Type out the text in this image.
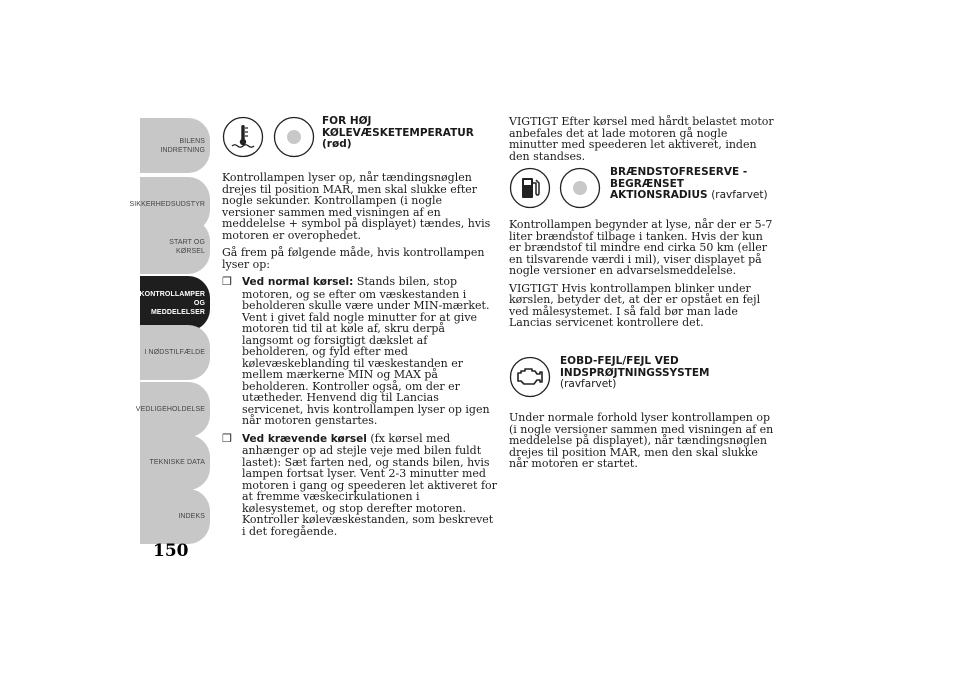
BILENS
INDRETNING
SIKKERHEDSUDSTYR
START OG KØRSEL
KONTROLLAMPER
OG MEDDELELSER
I NØDSTILFÆLDE
VEDLIGEHOLDELSE
TEKNISKE DATA
INDEKS
150
FOR HØJ
KØLEVÆSKETEMPERATUR
(rød)

Kontrollampen lyser op, når tændingsnøglen drejes til position MAR, men skal slukke efter nogle sekunder. Kontrollampen (i nogle versioner sammen med visningen af en meddelelse + symbol på displayet) tændes, hvis motoren er overophedet.

Gå frem på følgende måde, hvis kontrollampen lyser op:

❒ Ved normal kørsel: Stands bilen, stop motoren, og se efter om væskestanden i beholderen skulle være under MIN-mærket. Vent i givet fald nogle minutter for at give motoren tid til at køle af, skru derpå langsomt og forsigtigt dækslet af beholderen, og fyld efter med kølevæskeblanding til væskestanden er mellem mærkerne MIN og MAX på beholderen. Kontroller også, om der er utætheder. Henvend dig til Lancias servicenet, hvis kontrollampen lyser op igen når motoren genstartes.
❒ Ved krævende kørsel (fx kørsel med anhænger op ad stejle veje med bilen fuldt lastet): Sæt farten ned, og stands bilen, hvis lampen fortsat lyser. Vent 2-3 minutter med motoren i gang og speederen let aktiveret for at fremme væskecirkulationen i kølesystemet, og stop derefter motoren. Kontroller kølevæskestanden, som beskrevet i det foregående.

VIGTIGT Efter kørsel med hårdt belastet motor anbefales det at lade motoren gå nogle minutter med speederen let aktiveret, inden den standses.

BRÆNDSTOFRESERVE -
BEGRÆNSET
AKTIONSRADIUS (ravfarvet)

Kontrollampen begynder at lyse, når der er 5-7 liter brændstof tilbage i tanken. Hvis der kun er brændstof til mindre end cirka 50 km (eller en tilsvarende værdi i mil), viser displayet på nogle versioner en advarselsmeddelelse.

VIGTIGT Hvis kontrollampen blinker under kørslen, betyder det, at der er opstået en fejl ved målesystemet. I så fald bør man lade Lancias servicenet kontrollere det.

EOBD-FEJL/FEJL VED
INDSPRØJTNINGSSYSTEM
(ravfarvet)

Under normale forhold lyser kontrollampen op (i nogle versioner sammen med visningen af en meddelelse på displayet), når tændingsnøglen drejes til position MAR, men den skal slukke når motoren er startet.
